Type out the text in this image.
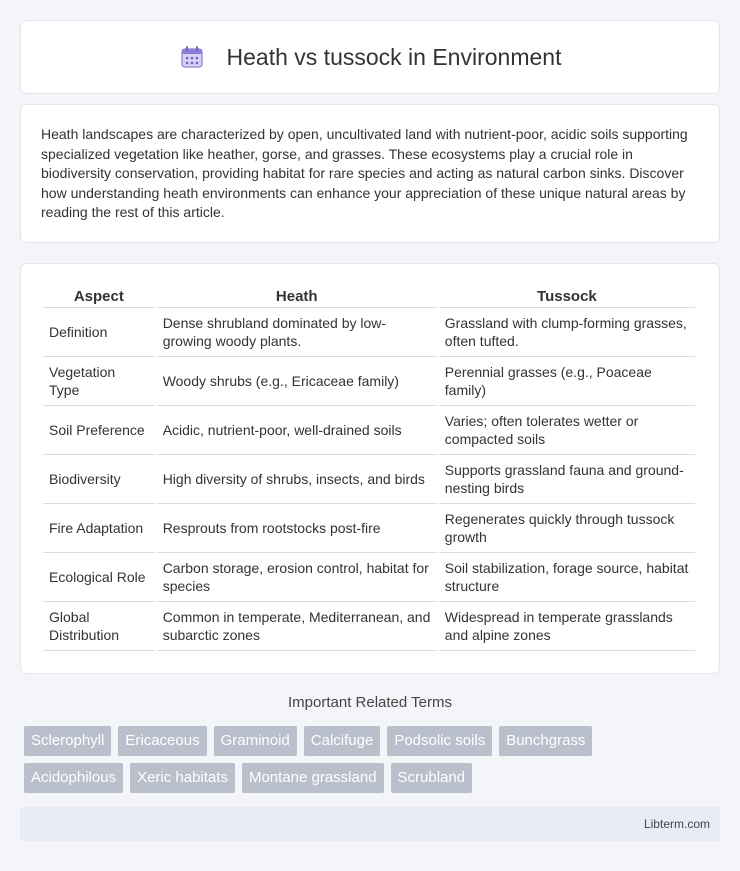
Heath vs tussock in Environment

Heath landscapes are characterized by open, uncultivated land with nutrient-poor, acidic soils supporting specialized vegetation like heather, gorse, and grasses. These ecosystems play a crucial role in biodiversity conservation, providing habitat for rare species and acting as natural carbon sinks. Discover how understanding heath environments can enhance your appreciation of these unique natural areas by reading the rest of this article.

Aspect	Heath	Tussock
Definition	Dense shrubland dominated by low-growing woody plants.	Grassland with clump-forming grasses, often tufted.
Vegetation Type	Woody shrubs (e.g., Ericaceae family)	Perennial grasses (e.g., Poaceae family)
Soil Preference	Acidic, nutrient-poor, well-drained soils	Varies; often tolerates wetter or compacted soils
Biodiversity	High diversity of shrubs, insects, and birds	Supports grassland fauna and ground-nesting birds
Fire Adaptation	Resprouts from rootstocks post-fire	Regenerates quickly through tussock growth
Ecological Role	Carbon storage, erosion control, habitat for species	Soil stabilization, forage source, habitat structure
Global Distribution	Common in temperate, Mediterranean, and subarctic zones	Widespread in temperate grasslands and alpine zones
Important Related Terms
Sclerophyll	Ericaceous	Graminoid	Calcifuge	Podsolic soils	Bunchgrass
Acidophilous	Xeric habitats	Montane grassland	Scrubland
Libterm.com
